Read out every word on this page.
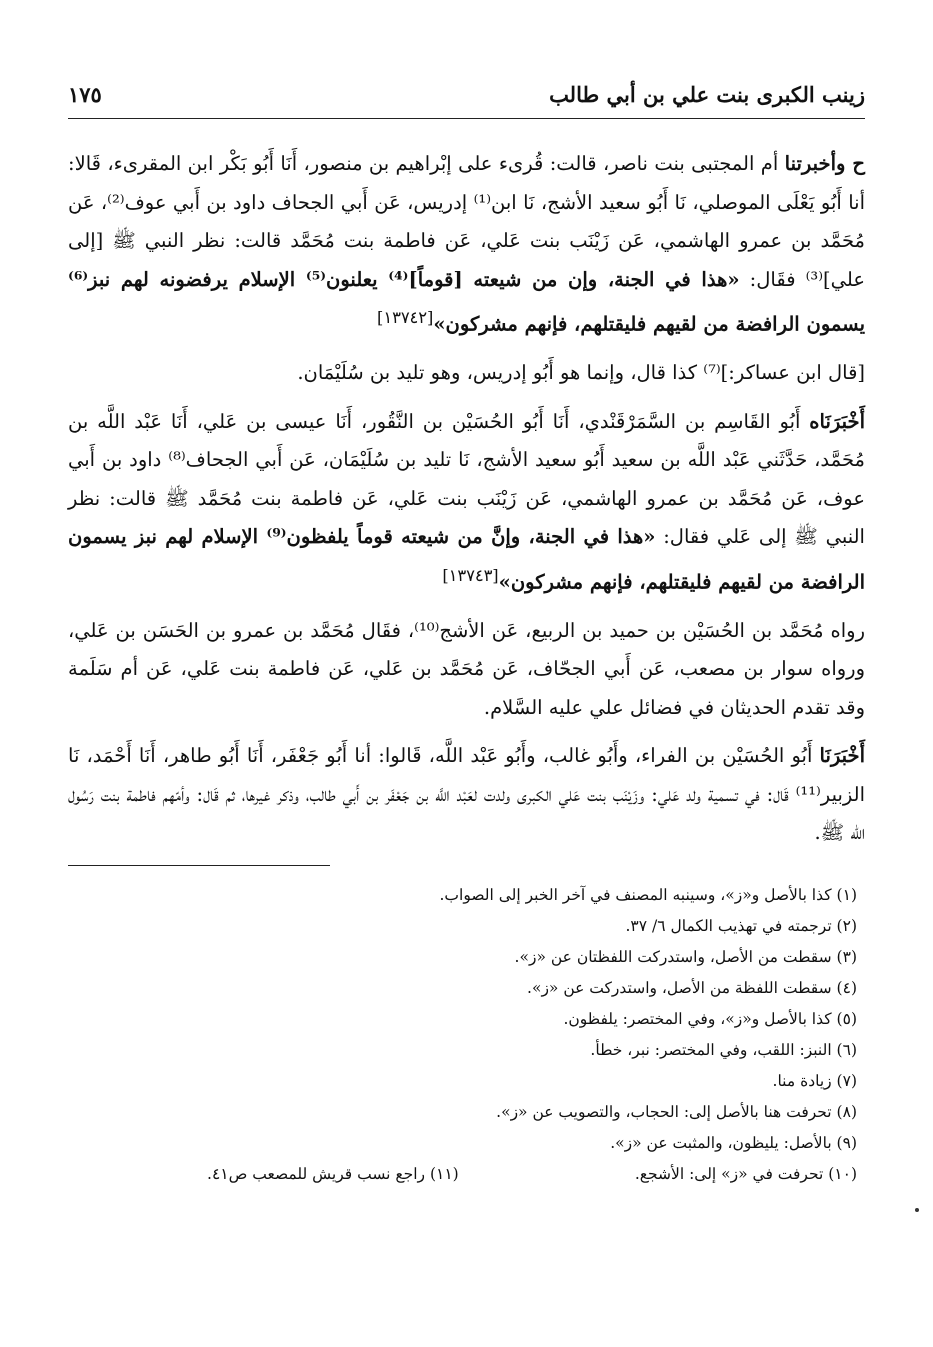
زينب الكبرى بنت علي بن أبي طالب
١٧٥

ح وأخبرتنا أم المجتبى بنت ناصر، قالت: قُرىء على إبْراهيم بن منصور، أَنَا أَبُو بَكْر ابن المقرىء، قَالا: أنا أَبُو يَعْلَى الموصلي، نَا أَبُو سعيد الأشج، نَا ابن⁽¹⁾ إدريس، عَن أَبي الجحاف داود بن أَبي عوف⁽²⁾، عَن مُحَمَّد بن عمرو الهاشمي، عَن زَيْنَب بنت عَلي، عَن فاطمة بنت مُحَمَّد قالت: نظر النبي ﷺ [إلى علي]⁽³⁾ فقَال: «هذا في الجنة، وإن من شيعته [قوماً]⁽⁴⁾ يعلنون⁽⁵⁾ الإسلام يرفضونه لهم نبز⁽⁶⁾ يسمون الرافضة من لقيهم فليقتلهم، فإنهم مشركون»[١٣٧٤٢]

[قال ابن عساكر:]⁽⁷⁾ كذا قال، وإنما هو أَبُو إدريس، وهو تليد بن سُلَيْمَان.

أَخْبَرَنَاه أَبُو القَاسِم بن السَّمَرْقَنْدي، أَنَا أَبُو الحُسَيْن بن النَّقُور، أَنَا عيسى بن عَلي، أَنَا عَبْد اللَّه بن مُحَمَّد، حَدَّثَني عَبْد اللَّه بن سعيد أَبُو سعيد الأشج، نَا تليد بن سُلَيْمَان، عَن أَبي الجحاف⁽⁸⁾ داود بن أَبي عوف، عَن مُحَمَّد بن عمرو الهاشمي، عَن زَيْنَب بنت عَلي، عَن فاطمة بنت مُحَمَّد ﷺ قالت: نظر النبي ﷺ إلى عَلي فقال: «هذا في الجنة، وإنَّ من شيعته قوماً يلفظون⁽⁹⁾ الإسلام لهم نبز يسمون الرافضة من لقيهم فليقتلهم، فإنهم مشركون»[١٣٧٤٣]

رواه مُحَمَّد بن الحُسَيْن بن حميد بن الربيع، عَن الأشج⁽¹⁰⁾، فقَال مُحَمَّد بن عمرو بن الحَسَن بن عَلي، ورواه سوار بن مصعب، عَن أَبي الجحّاف، عَن مُحَمَّد بن عَلي، عَن فاطمة بنت عَلي، عَن أم سَلَمة وقد تقدم الحديثان في فضائل علي عليه السَّلام.

أَخْبَرَنَا أَبُو الحُسَيْن بن الفراء، وأَبُو غالب، وأَبُو عَبْد اللَّه، قَالوا: أنا أَبُو جَعْفَر، أَنَا أَبُو طاهر، أَنَا أَحْمَد، نَا الزبير⁽¹¹⁾ قَال: في تسمية ولد عَلي: وزَيْنَب بنت عَلي الكبرى ولدت لعَبْد اللَّه بن جَعْفَر بن أَبي طالب، وذكر غيرها، ثم قَال: وأمّهم فاطمة بنت رَسُول الله ﷺ.

(١) كذا بالأصل و«ز»، وسينبه المصنف في آخر الخبر إلى الصواب.
(٢) ترجمته في تهذيب الكمال ٦/ ٣٧.
(٣) سقطت من الأصل، واستدركت اللفظتان عن «ز».
(٤) سقطت اللفظة من الأصل، واستدركت عن «ز».
(٥) كذا بالأصل و«ز»، وفي المختصر: يلفظون.
(٦) النبز: اللقب، وفي المختصر: نبر، خطأ.
(٧) زيادة منا.
(٨) تحرفت هنا بالأصل إلى: الحجاب، والتصويب عن «ز».
(٩) بالأصل: يليظون، والمثبت عن «ز».
(١٠) تحرفت في «ز» إلى: الأشجع.
(١١) راجع نسب قريش للمصعب ص٤١.
